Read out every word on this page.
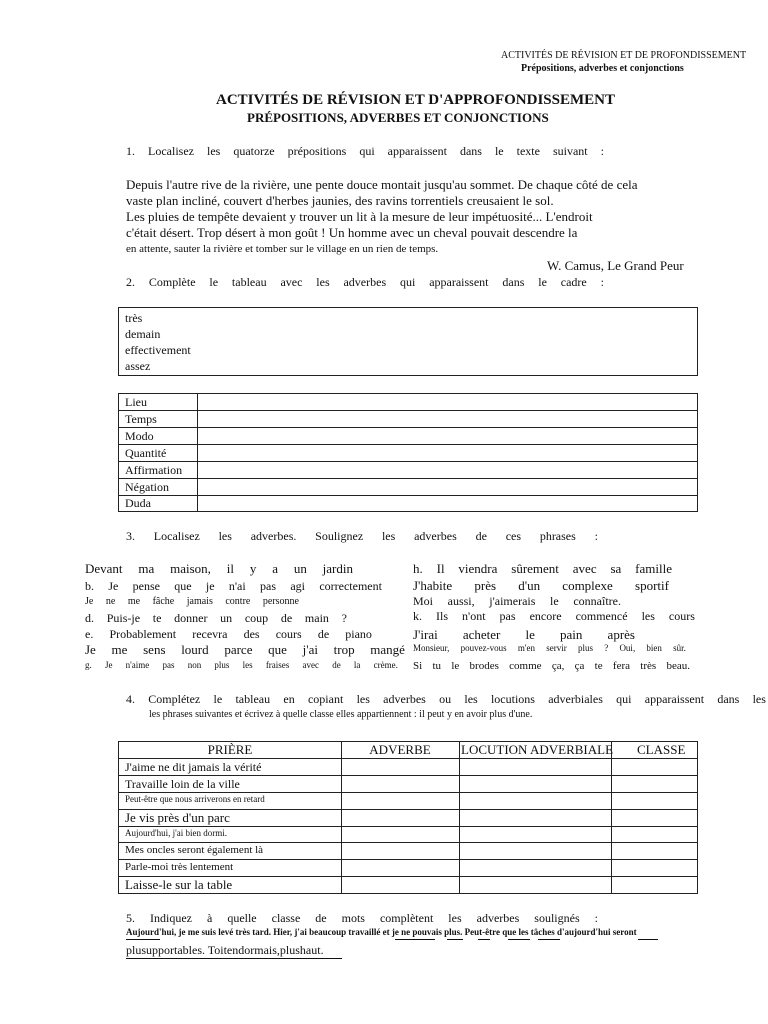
ACTIVITÉS DE RÉVISION ET DE PROFONDISSEMENT
Prépositions, adverbes et conjonctions
ACTIVITÉS DE RÉVISION ET D'APPROFONDISSEMENT
PRÉPOSITIONS, ADVERBES ET CONJONCTIONS
1. Localisez les quatorze prépositions qui apparaissent dans le texte suivant :
Depuis l'autre rive de la rivière, une pente douce montait jusqu'au sommet. De chaque côté de cela
vaste plan incliné, couvert d'herbes jaunies, des ravins torrentiels creusaient le sol.
Les pluies de tempête devaient y trouver un lit à la mesure de leur impétuosité... L'endroit
c'était désert. Trop désert à mon goût ! Un homme avec un cheval pouvait descendre la
en attente, sauter la rivière et tomber sur le village en un rien de temps.
W. Camus, Le Grand Peur
2. Complète le tableau avec les adverbes qui apparaissent dans le cadre :
très
demain
effectivement
assez
Lieu
Temps
Modo
Quantité
Affirmation
Négation
Duda
3. Localisez les adverbes. Soulignez les adverbes de ces phrases :
Devant ma maison, il y a un jardin
b. Je pense que je n'ai pas agi correctement
Je ne me fâche jamais contre personne
d. Puis-je te donner un coup de main ?
e. Probablement recevra des cours de piano
Je me sens lourd parce que j'ai trop mangé
g. Je n'aime pas non plus les fraises avec de la crème.
h. Il viendra sûrement avec sa famille
J'habite près d'un complexe sportif
Moi aussi, j'aimerais le connaître.
k. Ils n'ont pas encore commencé les cours
J'irai acheter le pain après
Monsieur, pouvez-vous m'en servir plus ? Oui, bien sûr.
Si tu le brodes comme ça, ça te fera très beau.
4. Complétez le tableau en copiant les adverbes ou les locutions adverbiales qui apparaissent dans les
les phrases suivantes et écrivez à quelle classe elles appartiennent : il peut y en avoir plus d'une.
PRIÈRE	ADVERBE	LOCUTION ADVERBIALE CLASSE
J'aime ne dit jamais la vérité
Travaille loin de la ville
Peut-être que nous arriverons en retard
Je vis près d'un parc
Aujourd'hui, j'ai bien dormi.
Mes oncles seront également là
Parle-moi très lentement
Laisse-le sur la table
5. Indiquez à quelle classe de mots complètent les adverbes soulignés :
Aujourd'hui, je me suis levé très tard. Hier, j'ai beaucoup travaillé et je ne pouvais plus. Peut-être que les tâches d'aujourd'hui seront
plusupportables. Toitendormais,plushaut.
